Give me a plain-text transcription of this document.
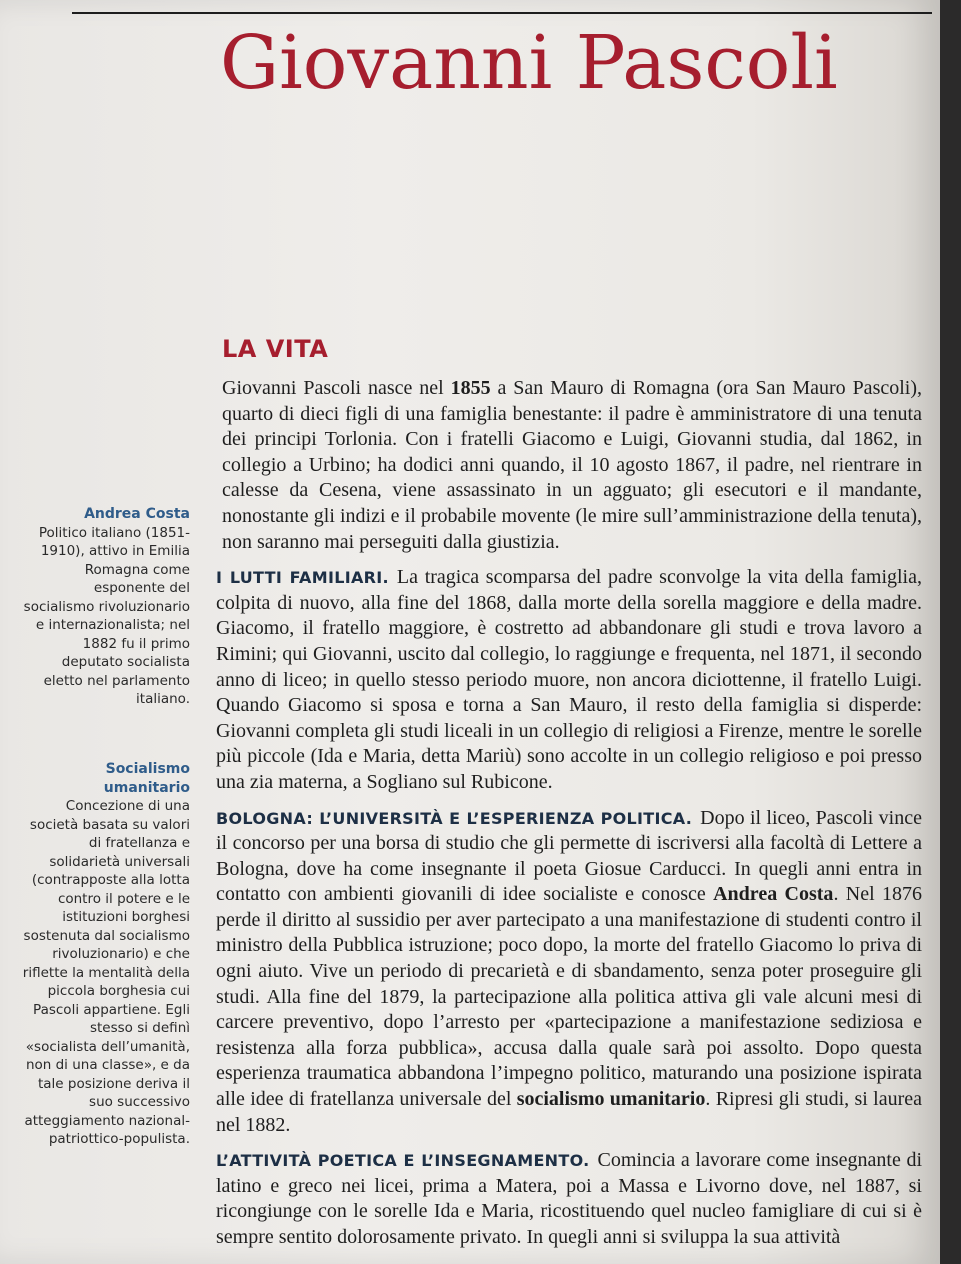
Giovanni Pascoli
Andrea Costa
Politico italiano (1851-1910), attivo in Emilia Romagna come esponente del socialismo rivoluzionario e internazionalista; nel 1882 fu il primo deputato socialista eletto nel parlamento italiano.
Socialismo umanitario
Concezione di una società basata su valori di fratellanza e solidarietà universali (contrapposte alla lotta contro il potere e le istituzioni borghesi sostenuta dal socialismo rivoluzionario) e che riflette la mentalità della piccola borghesia cui Pascoli appartiene. Egli stesso si definì «socialista dell’umanità, non di una classe», e da tale posizione deriva il suo successivo atteggiamento nazional-patriottico-populista.
LA VITA

Giovanni Pascoli nasce nel 1855 a San Mauro di Romagna (ora San Mauro Pascoli), quarto di dieci figli di una famiglia benestante: il padre è amministratore di una tenuta dei principi Torlonia. Con i fratelli Giacomo e Luigi, Giovanni studia, dal 1862, in collegio a Urbino; ha dodici anni quando, il 10 agosto 1867, il padre, nel rientrare in calesse da Cesena, viene assassinato in un agguato; gli esecutori e il mandante, nonostante gli indizi e il probabile movente (le mire sull’amministrazione della tenuta), non saranno mai perseguiti dalla giustizia.

I LUTTI FAMILIARI. La tragica scomparsa del padre sconvolge la vita della famiglia, colpita di nuovo, alla fine del 1868, dalla morte della sorella maggiore e della madre. Giacomo, il fratello maggiore, è costretto ad abbandonare gli studi e trova lavoro a Rimini; qui Giovanni, uscito dal collegio, lo raggiunge e frequenta, nel 1871, il secondo anno di liceo; in quello stesso periodo muore, non ancora diciottenne, il fratello Luigi. Quando Giacomo si sposa e torna a San Mauro, il resto della famiglia si disperde: Giovanni completa gli studi liceali in un collegio di religiosi a Firenze, mentre le sorelle più piccole (Ida e Maria, detta Mariù) sono accolte in un collegio religioso e poi presso una zia materna, a Sogliano sul Rubicone.

BOLOGNA: L’UNIVERSITÀ E L’ESPERIENZA POLITICA. Dopo il liceo, Pascoli vince il concorso per una borsa di studio che gli permette di iscriversi alla facoltà di Lettere a Bologna, dove ha come insegnante il poeta Giosue Carducci. In quegli anni entra in contatto con ambienti giovanili di idee socialiste e conosce Andrea Costa. Nel 1876 perde il diritto al sussidio per aver partecipato a una manifestazione di studenti contro il ministro della Pubblica istruzione; poco dopo, la morte del fratello Giacomo lo priva di ogni aiuto. Vive un periodo di precarietà e di sbandamento, senza poter proseguire gli studi. Alla fine del 1879, la partecipazione alla politica attiva gli vale alcuni mesi di carcere preventivo, dopo l’arresto per «partecipazione a manifestazione sediziosa e resistenza alla forza pubblica», accusa dalla quale sarà poi assolto. Dopo questa esperienza traumatica abbandona l’impegno politico, maturando una posizione ispirata alle idee di fratellanza universale del socialismo umanitario. Ripresi gli studi, si laurea nel 1882.

L’ATTIVITÀ POETICA E L’INSEGNAMENTO. Comincia a lavorare come insegnante di latino e greco nei licei, prima a Matera, poi a Massa e Livorno dove, nel 1887, si ricongiunge con le sorelle Ida e Maria, ricostituendo quel nucleo famigliare di cui si è sempre sentito dolorosamente privato. In quegli anni si sviluppa la sua attività
